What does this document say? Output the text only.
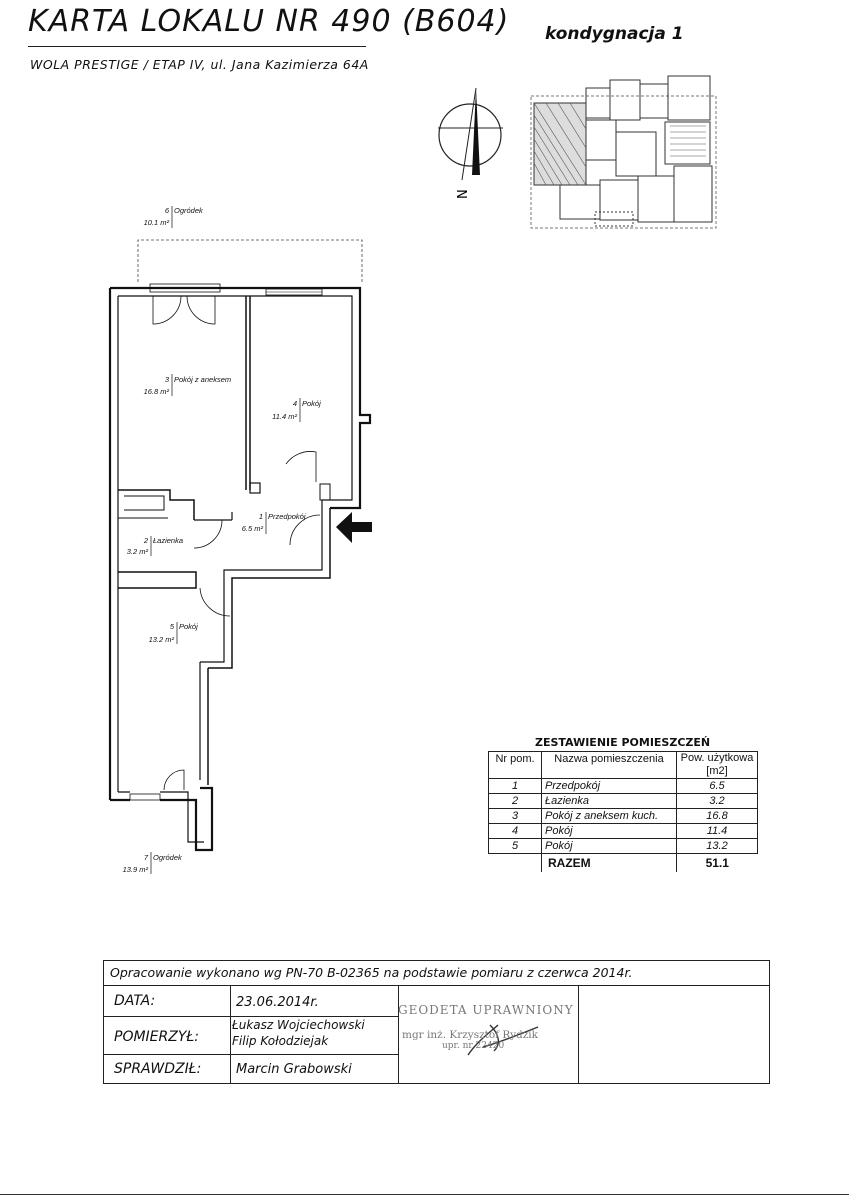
KARTA LOKALU NR 490 (B604) kondygnacja 1
WOLA PRESTIGE / ETAP IV, ul. Jana Kazimierza 64A
N
6 Ogródek
10.1 m²
3 Pokój z aneksem
16.8 m²
4 Pokój
11.4 m²
1 Przedpokój
6.5 m²
2 Łazienka
3.2 m²
5 Pokój
13.2 m²
7 Ogródek
13.9 m²
ZESTAWIENIE POMIESZCZEŃ
Nr pom.	Nazwa pomieszczenia	Pow. użytkowa
[m2]
1	Przedpokój	6.5
2	Łazienka	3.2
3	Pokój z aneksem kuch.	16.8
4	Pokój	11.4
5	Pokój	13.2
	RAZEM	51.1
Opracowanie wykonano wg PN-70 B-02365 na podstawie pomiaru z czerwca 2014r.
DATA:	23.06.2014r.
POMIERZYŁ:
Łukasz Wojciechowski
Filip Kołodziejak
SPRAWDZIŁ:	Marcin Grabowski
GEODETA UPRAWNIONY
mgr inż. Krzysztof Rydzik
upr. nr 22420
